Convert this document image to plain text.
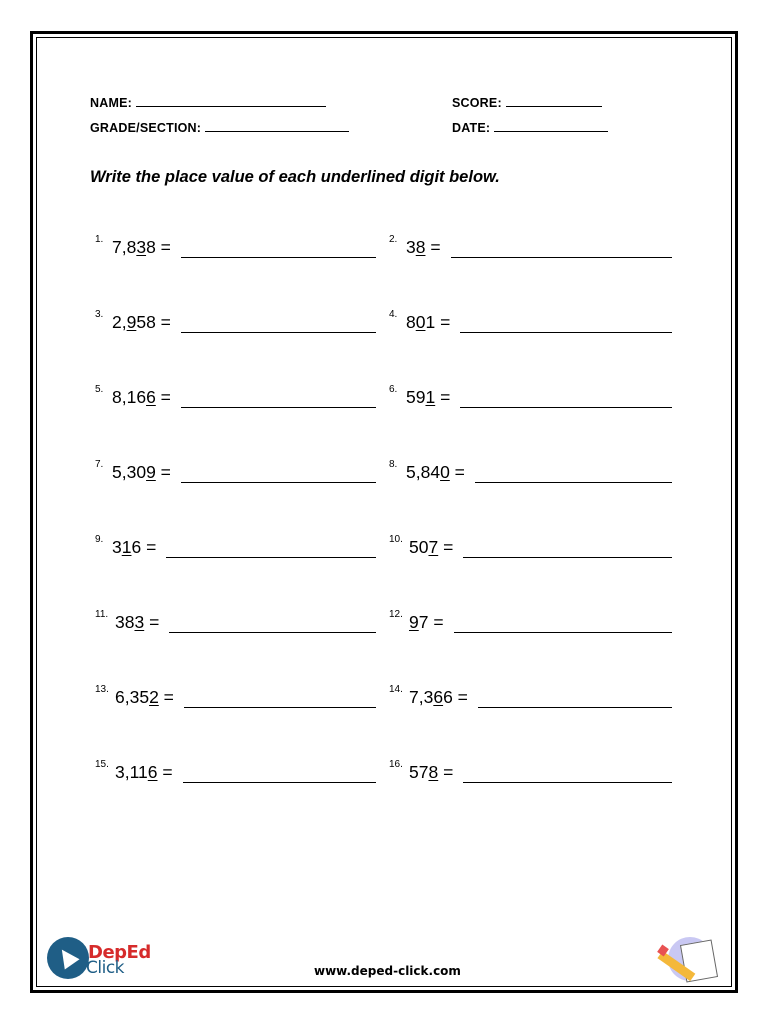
NAME:	SCORE:
GRADE/SECTION:	DATE:
Write the place value of each underlined digit below.
1. 7,838 =	2. 38 =
3. 2,958 =	4. 801 =
5. 8,166 =	6. 591 =
7. 5,309 =	8. 5,840 =
9. 316 =	10. 507 =
11. 383 =	12. 97 =
13. 6,352 =	14. 7,366 =
15. 3,116 =	16. 578 =
DepEd
Click	www.deped-click.com
